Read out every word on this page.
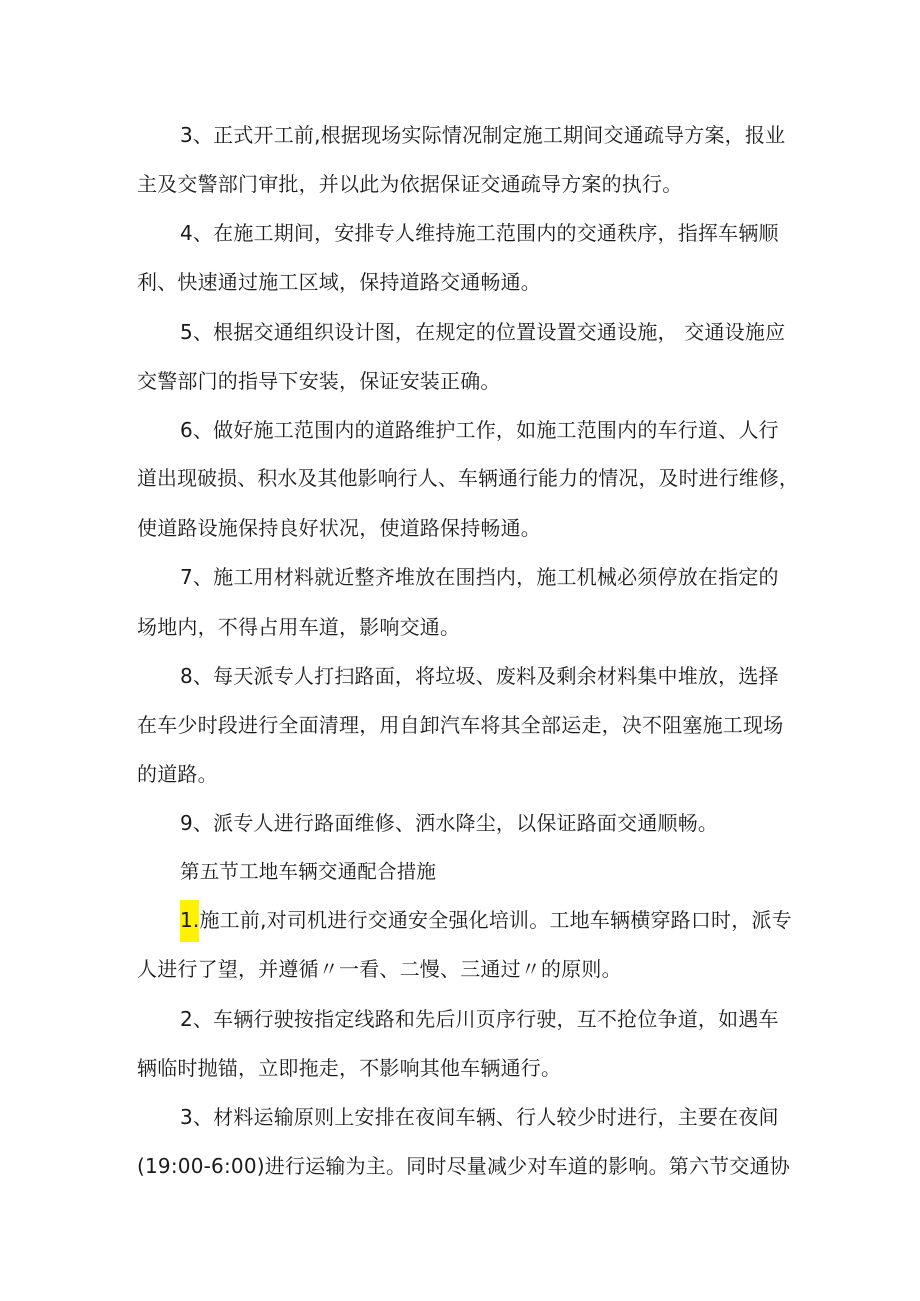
3、正式开工前,根据现场实际情况制定施工期间交通疏导方案，报业
主及交警部门审批，并以此为依据保证交通疏导方案的执行。
4、在施工期间，安排专人维持施工范围内的交通秩序，指挥车辆顺
利、快速通过施工区域，保持道路交通畅通。
5、根据交通组织设计图，在规定的位置设置交通设施， 交通设施应
交警部门的指导下安装，保证安装正确。
6、做好施工范围内的道路维护工作，如施工范围内的车行道、人行
道出现破损、积水及其他影响行人、车辆通行能力的情况，及时进行维修，
使道路设施保持良好状况，使道路保持畅通。
7、施工用材料就近整齐堆放在围挡内，施工机械必须停放在指定的
场地内，不得占用车道，影响交通。
8、每天派专人打扫路面，将垃圾、废料及剩余材料集中堆放，选择
在车少时段进行全面清理，用自卸汽车将其全部运走，决不阻塞施工现场
的道路。
9、派专人进行路面维修、洒水降尘，以保证路面交通顺畅。
第五节工地车辆交通配合措施
1.施工前,对司机进行交通安全强化培训。工地车辆横穿路口时，派专
人进行了望，并遵循〃一看、二慢、三通过〃的原则。
2、车辆行驶按指定线路和先后川页序行驶，互不抢位争道，如遇车
辆临时抛锚，立即拖走，不影响其他车辆通行。
3、材料运输原则上安排在夜间车辆、行人较少时进行，主要在夜间
(19:00-6:00)进行运输为主。同时尽量减少对车道的影响。第六节交通协
